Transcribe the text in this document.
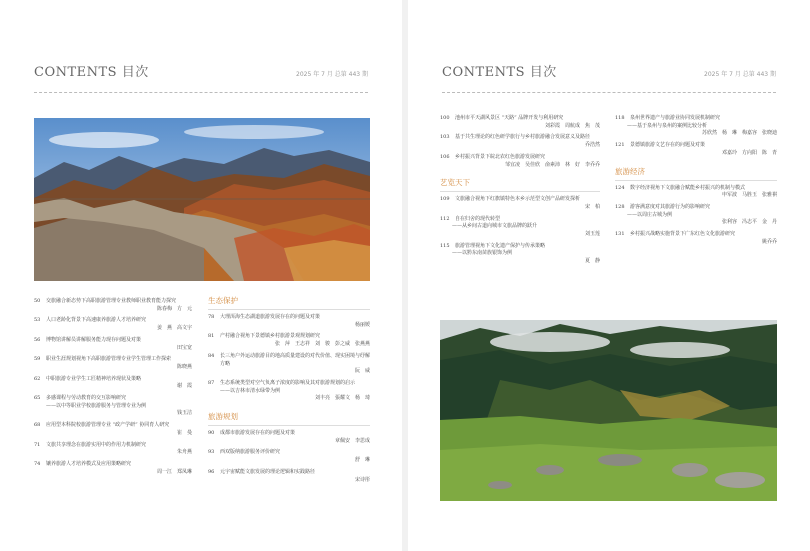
CONTENTS 目次	2025 年 7 月 总第 443 期
50	交旅融合新态势下高职旅游管理专业教师职业教育能力探究
陈春梅　方　元
53	人口老龄化背景下高速康养旅游人才培养研究
姜　燕　高文宇
56	博物馆讲解员讲解服务能力现存问题及对策
田宝宽
59	职业生涯规划视角下高职旅游管理专业学生管理工作探索
陈晓燕
62	中职旅游专业学生工匠精神培养现状及策略
谢　霞
65	多感课程与劳动教育的交互影响研究
——以中等职业学校旅游服务与管理专业为例
钱玉洁
68	应用型本科院校旅游管理专业 “政产学研” 协同育人研究
崔　曼
71	文旅共享理念在旅游实用中的作用力机制研究
朱舟燕
74	镶养旅游人才培养模式及应用策略研究
周一江　郑凤琳
生态保护
78	大理洱海生态湖道旅游发展存在的问题及对策
杨丽媛
81	产村融合视角下景德镇乡村旅游景观规划研究
张　萍　王志祥　刘　骏　彭之威　张燕燕
84	长三角户外运动旅游目的地高质量建设的对代价值、现实困境与纾解方略
阮　威
87	生态系统类型对空气负离子浓度的影响及其对旅游规划的启示
——以吉林市清水绿带为例
刘丰亮　張耀文　杨　琦
旅游规划
90	成都市旅游发展存在的问题及对策
章佩安　李思成
93	西双版纳旅游服务评价研究
舒　琳
96	元宇宙赋能文旅发展的理论逻辑和实践路径
宋诗彤
CONTENTS 目次	2025 年 7 月 总第 443 期
100	池州市平天湖风景区 “天路” 品牌开发与利用研究
刘彩霞　周航成　焦　茂
103	基于共生理论的红色研学旅行与乡村旅游融合发展意义及路径
乔浩然
106	乡村振兴背景下皖北农红色旅游发展研究
邹宜凌　吴佳欣　俞素沛　林　好　李乔乔
艺览天下
109	文旅融合视角下红旗镇特色本乡示范型文创产品研发探析
宋　柏
112	自在归舍的现代转型
——从乡间古道向城市文旅品牌的跃升
刘玉莲
115	旅游管理视角下文化遗产保护与传承策略
——以黔东南苗族银饰为例
夏　静
118	泉州世界遗产与旅游业协同发展机制研究
——基于泉州与泉州的案例比较分析
苏欣然　杨　琳　梅嘉容　张晓迪
121	景德镇旅游文艺存在的问题及对策
邓嘉玲　方向阳　陈　青
旅游经济
124	数字经济视角下文旅融合赋能乡村振兴的机制与模式
申军波　马胜玉　张雅祺
128	游客满意度对其旅游行为的影响研究
——以周庄古城为例
张利容　冯志平　金　丹
131	乡村振兴战略实施背景下广东红色文化旅游研究
姚乔乔
